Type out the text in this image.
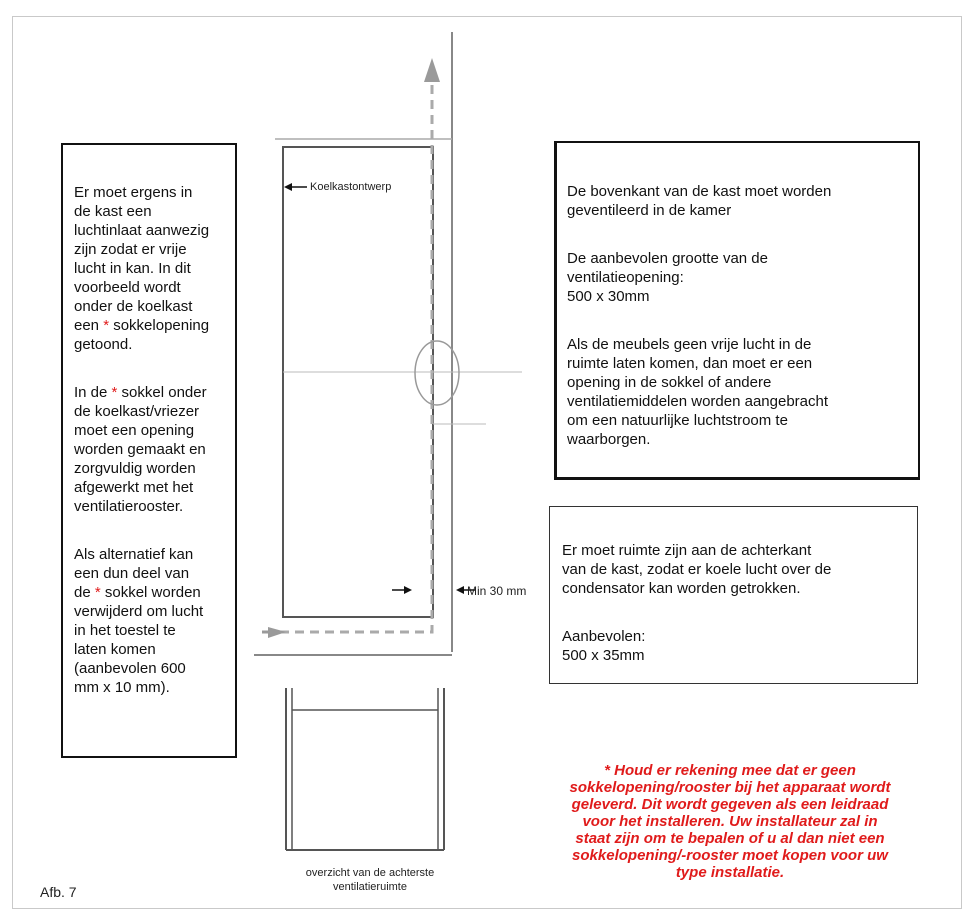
Koelkastontwerp
Min 30 mm

Er moet ergens in
de kast een
luchtinlaat aanwezig
zijn zodat er vrije
lucht in kan. In dit
voorbeeld wordt
onder de koelkast
een * sokkelopening
getoond.

In de * sokkel onder
de koelkast/vriezer
moet een opening
worden gemaakt en
zorgvuldig worden
afgewerkt met het
ventilatierooster.

Als alternatief kan
een dun deel van
de * sokkel worden
verwijderd om lucht
in het toestel te
laten komen
(aanbevolen 600
mm x 10 mm).

De bovenkant van de kast moet worden
geventileerd in de kamer

De aanbevolen grootte van de
ventilatieopening:
500 x 30mm

Als de meubels geen vrije lucht in de
ruimte laten komen, dan moet er een
opening in de sokkel of andere
ventilatiemiddelen worden aangebracht
om een natuurlijke luchtstroom te
waarborgen.

Er moet ruimte zijn aan de achterkant
van de kast, zodat er koele lucht over de
condensator kan worden getrokken.

Aanbevolen:
500 x 35mm

* Houd er rekening mee dat er geen
sokkelopening/rooster bij het apparaat wordt
geleverd. Dit wordt gegeven als een leidraad
voor het installeren. Uw installateur zal in
staat zijn om te bepalen of u al dan niet een
sokkelopening/-rooster moet kopen voor uw
type installatie.
overzicht van de achterste
ventilatieruimte
Afb. 7
